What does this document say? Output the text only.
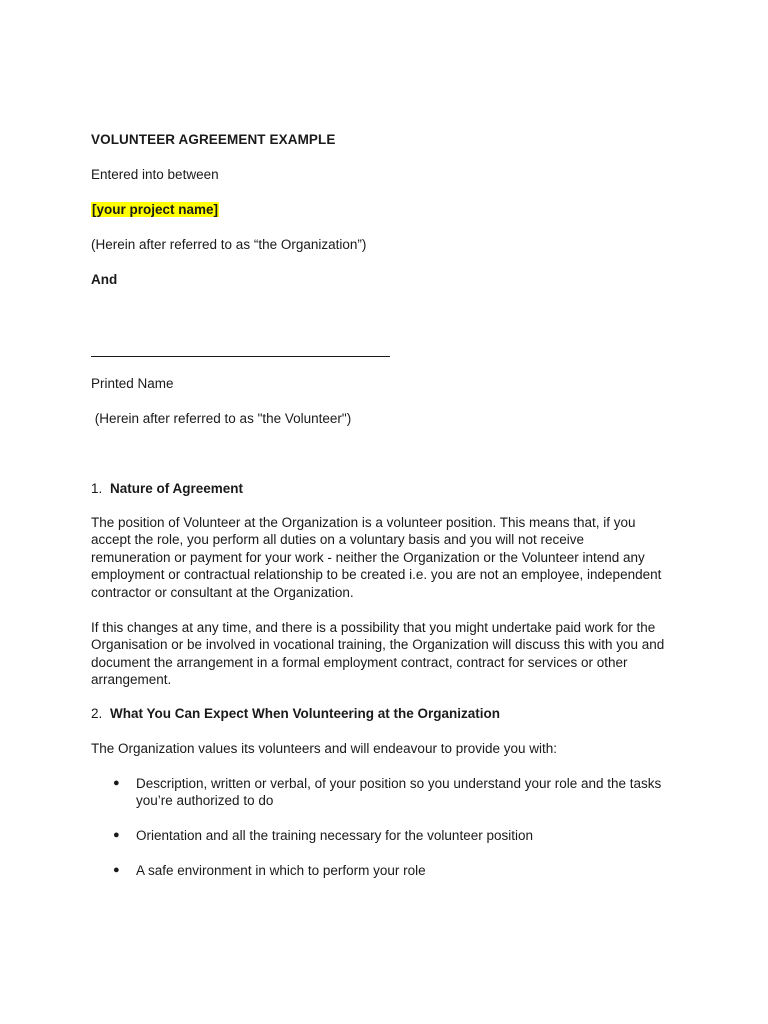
VOLUNTEER AGREEMENT EXAMPLE
Entered into between
[your project name]
(Herein after referred to as “the Organization”)
And
Printed Name
(Herein after referred to as "the Volunteer")
1. Nature of Agreement
The position of Volunteer at the Organization is a volunteer position. This means that, if you
accept the role, you perform all duties on a voluntary basis and you will not receive
remuneration or payment for your work - neither the Organization or the Volunteer intend any
employment or contractual relationship to be created i.e. you are not an employee, independent
contractor or consultant at the Organization.
If this changes at any time, and there is a possibility that you might undertake paid work for the
Organisation or be involved in vocational training, the Organization will discuss this with you and
document the arrangement in a formal employment contract, contract for services or other
arrangement.
2. What You Can Expect When Volunteering at the Organization
The Organization values its volunteers and will endeavour to provide you with:
● Description, written or verbal, of your position so you understand your role and the tasks
you’re authorized to do
● Orientation and all the training necessary for the volunteer position
● A safe environment in which to perform your role
